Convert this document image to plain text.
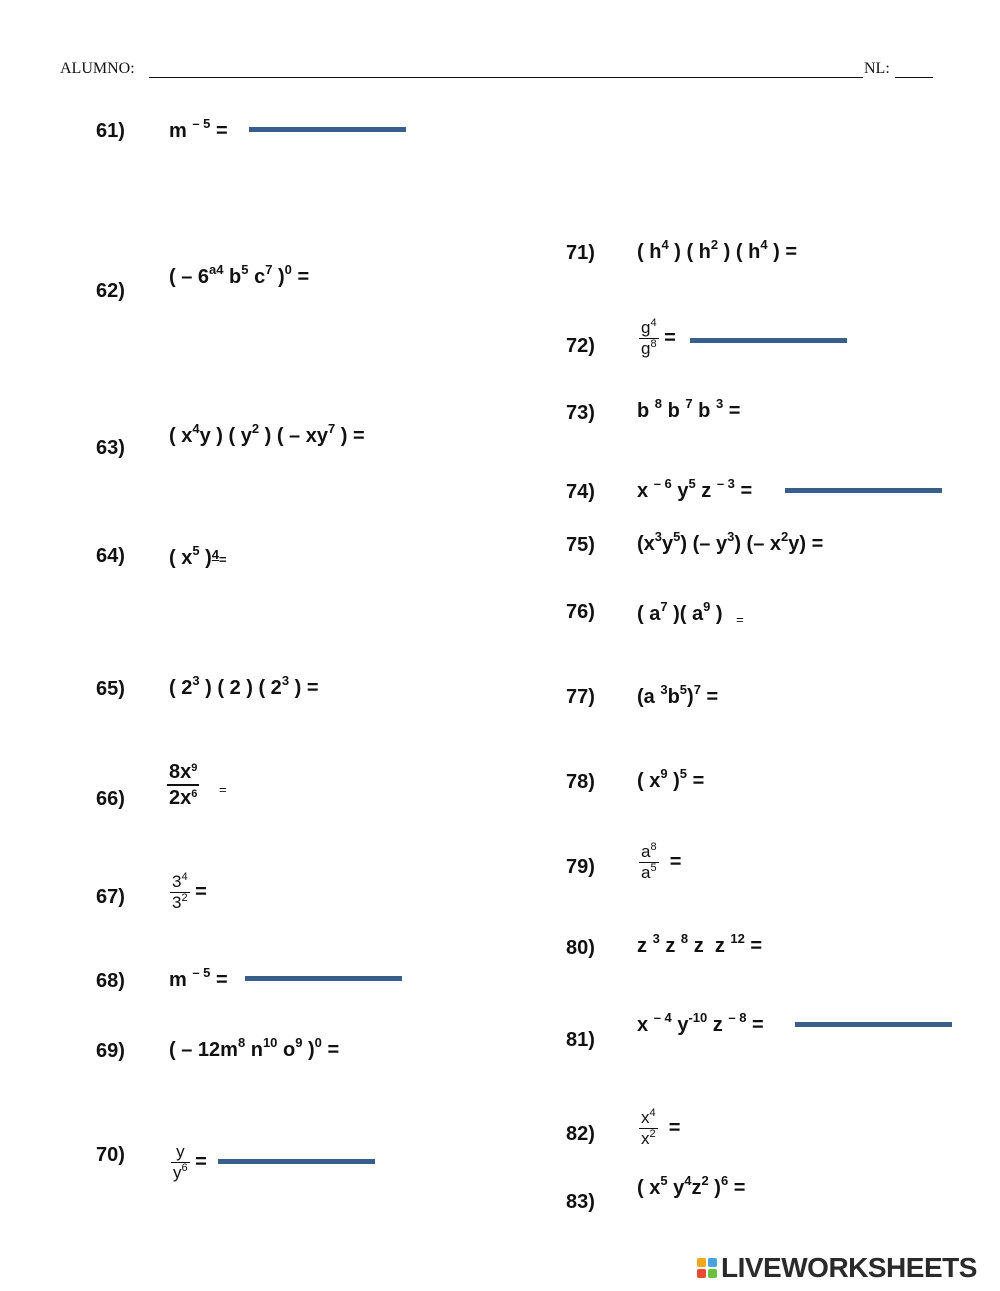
ALUMNO:	NL:
61)
62)
63)
64)
65)
66)
67)
68)
69)
70)
71)
72)
73)
74)
75)
76)
77)
78)
79)
80)
81)
82)
83)
m $^{- 5}$ =
( – $6^{a4}$ $b^5$ $c^7$ )$^0$ =
( $x^4y$ ) ( $y^2$ ) ( – $xy^7$ ) =
( $x^5$ )$^4$=
( $2^3$ ) ( 2 ) ( $2^3$ ) =
$\frac{8x^9}{2x^6} _=$
$\frac{3^4}{3^2}$ =
m $^{- 5}$ =
( – $12m^8$ $n^{10}$ $o^9$ )$^0$ =
$\frac{y}{y^6}$ =
( $h^4$ ) ( $h^2$ ) ( $h^4$ ) =
$\frac{g^4}{g^8}$ =
b $^8$ b $^7$ b $^3$ =
x $^{- 6}$ $y^5$ z $^{- 3}$ =
$(x^3y^5)$ (– $y^3$) (– $x^2y$) =
( $a^7$ )( $a^9$ ) $_=$
(a $^3b^5)^7$ =
( $x^9$ )$^5$ =
$\frac{a^8}{a^5}$ =
z $^3$ z $^8$ z  z $^{12}$ =
x $^{- 4}$ $y^{-10}$ z $^{- 8}$ =
$\frac{x^4}{x^2}$ =
( $x^5$ $y^4z^2$ )$^6$ =
LIVEWORKSHEETS
